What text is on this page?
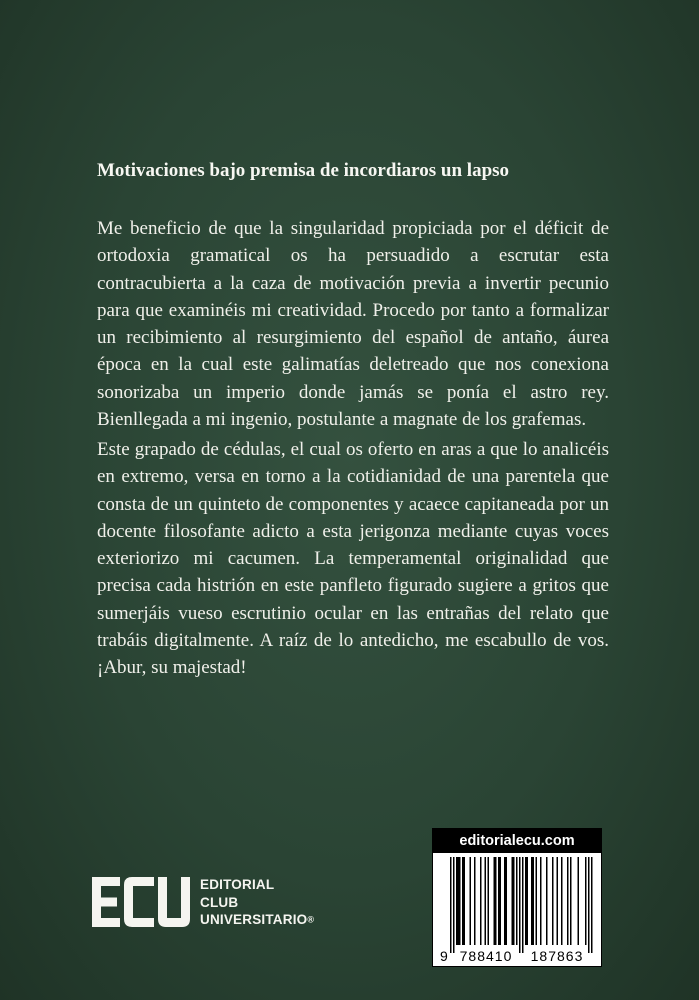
Motivaciones bajo premisa de incordiaros un lapso

Me beneficio de que la singularidad propiciada por el déficit de ortodoxia gramatical os ha persuadido a escrutar esta contracubierta a la caza de motivación previa a invertir pecunio para que examinéis mi creatividad. Procedo por tanto a formalizar un recibimiento al resurgimiento del español de antaño, áurea época en la cual este galimatías deletreado que nos conexiona sonorizaba un imperio donde jamás se ponía el astro rey. Bienllegada a mi ingenio, postulante a magnate de los grafemas.

Este grapado de cédulas, el cual os oferto en aras a que lo analicéis en extremo, versa en torno a la cotidianidad de una parentela que consta de un quinteto de componentes y acaece capitaneada por un docente filosofante adicto a esta jerigonza mediante cuyas voces exteriorizo mi cacumen. La temperamental originalidad que precisa cada histrión en este panfleto figurado sugiere a gritos que sumerjáis vueso escrutinio ocular en las entrañas del relato que trabáis digitalmente. A raíz de lo antedicho, me escabullo de vos. ¡Abur, su majestad!

EDITORIAL
CLUB
UNIVERSITARIO®
editorialecu.com
9 788410 187863
